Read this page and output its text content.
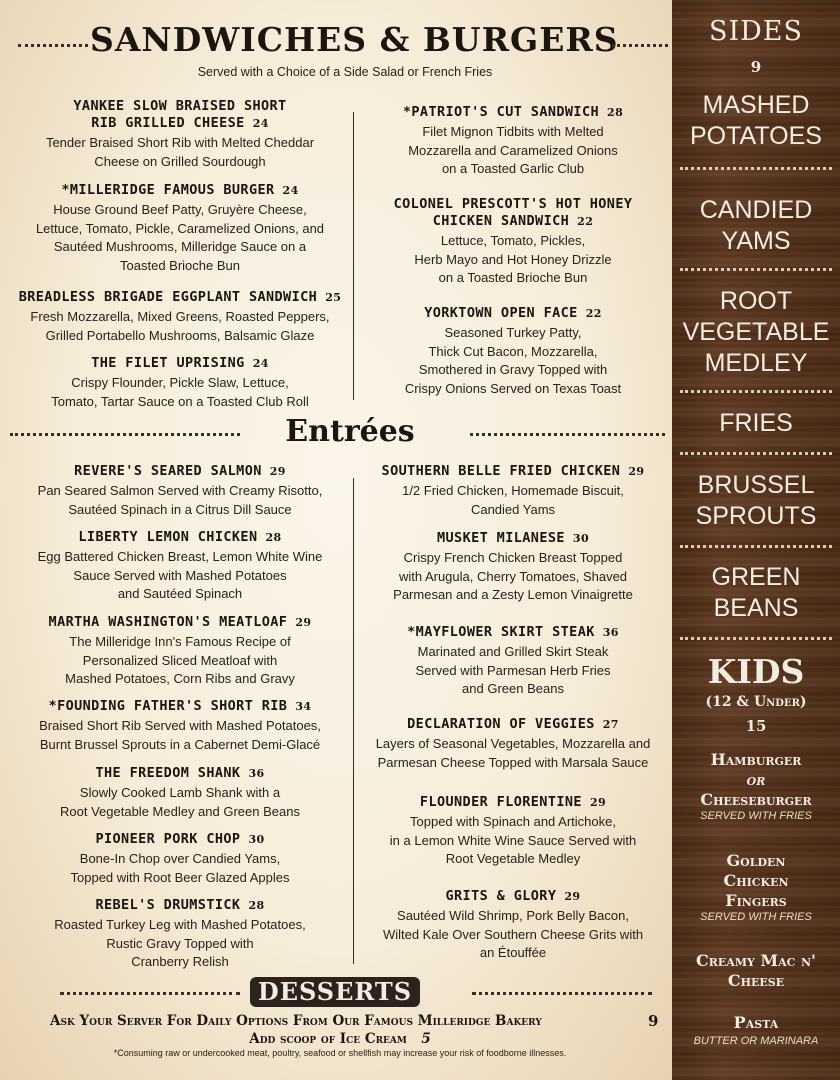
SANDWICHES & BURGERS
Served with a Choice of a Side Salad or French Fries
YANKEE SLOW BRAISED SHORT
RIB GRILLED CHEESE 24
Tender Braised Short Rib with Melted Cheddar
Cheese on Grilled Sourdough
*MILLERIDGE FAMOUS BURGER 24
House Ground Beef Patty, Gruyère Cheese,
Lettuce, Tomato, Pickle, Caramelized Onions, and
Sautéed Mushrooms, Milleridge Sauce on a
Toasted Brioche Bun
BREADLESS BRIGADE EGGPLANT SANDWICH 25
Fresh Mozzarella, Mixed Greens, Roasted Peppers,
Grilled Portabello Mushrooms, Balsamic Glaze
THE FILET UPRISING 24
Crispy Flounder, Pickle Slaw, Lettuce,
Tomato, Tartar Sauce on a Toasted Club Roll
*PATRIOT'S CUT SANDWICH 28
Filet Mignon Tidbits with Melted
Mozzarella and Caramelized Onions
on a Toasted Garlic Club
COLONEL PRESCOTT'S HOT HONEY
CHICKEN SANDWICH 22
Lettuce, Tomato, Pickles,
Herb Mayo and Hot Honey Drizzle
on a Toasted Brioche Bun
YORKTOWN OPEN FACE 22
Seasoned Turkey Patty,
Thick Cut Bacon, Mozzarella,
Smothered in Gravy Topped with
Crispy Onions Served on Texas Toast
Entrées
REVERE'S SEARED SALMON 29
Pan Seared Salmon Served with Creamy Risotto,
Sautéed Spinach in a Citrus Dill Sauce
LIBERTY LEMON CHICKEN 28
Egg Battered Chicken Breast, Lemon White Wine
Sauce Served with Mashed Potatoes
and Sautéed Spinach
MARTHA WASHINGTON'S MEATLOAF 29
The Milleridge Inn's Famous Recipe of
Personalized Sliced Meatloaf with
Mashed Potatoes, Corn Ribs and Gravy
*FOUNDING FATHER'S SHORT RIB 34
Braised Short Rib Served with Mashed Potatoes,
Burnt Brussel Sprouts in a Cabernet Demi-Glacé
THE FREEDOM SHANK 36
Slowly Cooked Lamb Shank with a
Root Vegetable Medley and Green Beans
PIONEER PORK CHOP 30
Bone-In Chop over Candied Yams,
Topped with Root Beer Glazed Apples
REBEL'S DRUMSTICK 28
Roasted Turkey Leg with Mashed Potatoes,
Rustic Gravy Topped with
Cranberry Relish
SOUTHERN BELLE FRIED CHICKEN 29
1/2 Fried Chicken, Homemade Biscuit,
Candied Yams
MUSKET MILANESE 30
Crispy French Chicken Breast Topped
with Arugula, Cherry Tomatoes, Shaved
Parmesan and a Zesty Lemon Vinaigrette
*MAYFLOWER SKIRT STEAK 36
Marinated and Grilled Skirt Steak
Served with Parmesan Herb Fries
and Green Beans
DECLARATION OF VEGGIES 27
Layers of Seasonal Vegetables, Mozzarella and
Parmesan Cheese Topped with Marsala Sauce
FLOUNDER FLORENTINE 29
Topped with Spinach and Artichoke,
in a Lemon White Wine Sauce Served with
Root Vegetable Medley
GRITS & GLORY 29
Sautéed Wild Shrimp, Pork Belly Bacon,
Wilted Kale Over Southern Cheese Grits with
an Étouffée
DESSERTS
Ask Your Server For Daily Options From Our Famous Milleridge Bakery	9
Add scoop of Ice Cream 5
*Consuming raw or undercooked meat, poultry, seafood or shellfish may increase your risk of foodborne illnesses.
SIDES
9
MASHED
POTATOES
CANDIED
YAMS
ROOT
VEGETABLE
MEDLEY
FRIES
BRUSSEL
SPROUTS
GREEN
BEANS
KIDS
(12 & Under)
15
Hamburger
or
Cheeseburger
SERVED WITH FRIES
Golden
Chicken
Fingers
SERVED WITH FRIES
Creamy Mac n'
Cheese
Pasta
BUTTER OR MARINARA
